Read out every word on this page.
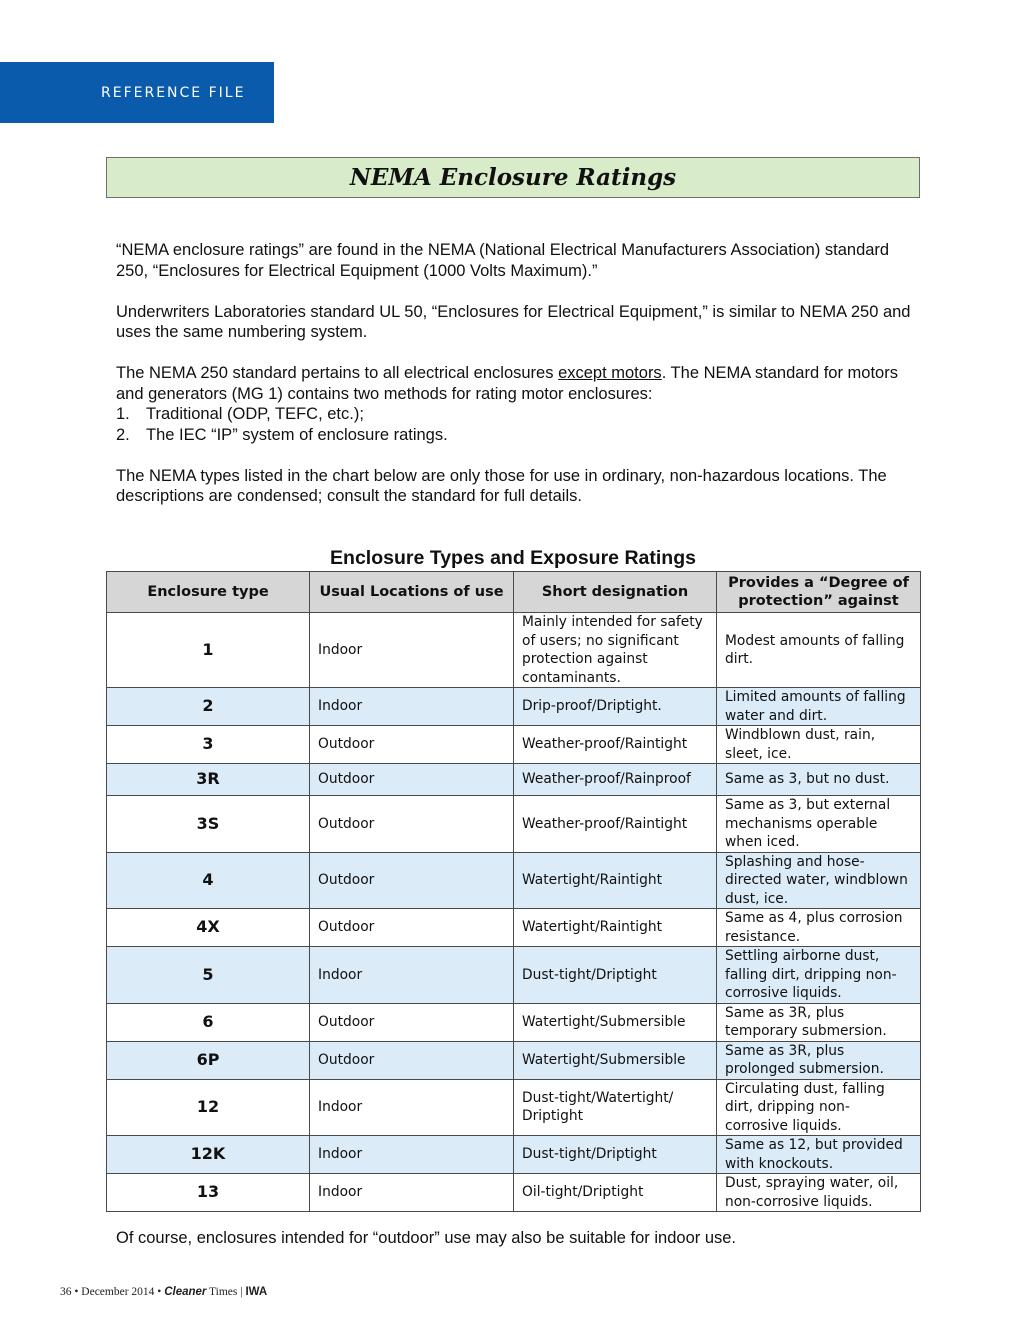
REFERENCE FILE
NEMA Enclosure Ratings

“NEMA enclosure ratings” are found in the NEMA (National Electrical Manufacturers Association) standard 250, “Enclosures for Electrical Equipment (1000 Volts Maximum).”

Underwriters Laboratories standard UL 50, “Enclosures for Electrical Equipment,” is similar to NEMA 250 and uses the same numbering system.

The NEMA 250 standard pertains to all electrical enclosures except motors. The NEMA standard for motors and generators (MG 1) contains two methods for rating motor enclosures:
1. Traditional (ODP, TEFC, etc.);
2. The IEC “IP” system of enclosure ratings.

The NEMA types listed in the chart below are only those for use in ordinary, non-hazardous locations. The descriptions are condensed; consult the standard for full details.

Enclosure Types and Exposure Ratings
Enclosure type	Usual Locations of use	Short designation	Provides a “Degree of protection” against
1	Indoor	Mainly intended for safety of users; no significant protection against contaminants.	Modest amounts of falling dirt.
2	Indoor	Drip-proof/Driptight.	Limited amounts of falling water and dirt.
3	Outdoor	Weather-proof/Raintight	Windblown dust, rain, sleet, ice.
3R	Outdoor	Weather-proof/Rainproof	Same as 3, but no dust.
3S	Outdoor	Weather-proof/Raintight	Same as 3, but external mechanisms operable when iced.
4	Outdoor	Watertight/Raintight	Splashing and hose-directed water, windblown dust, ice.
4X	Outdoor	Watertight/Raintight	Same as 4, plus corrosion resistance.
5	Indoor	Dust-tight/Driptight	Settling airborne dust, falling dirt, dripping non-corrosive liquids.
6	Outdoor	Watertight/Submersible	Same as 3R, plus temporary submersion.
6P	Outdoor	Watertight/Submersible	Same as 3R, plus prolonged submersion.
12	Indoor	Dust-tight/Watertight/ Driptight	Circulating dust, falling dirt, dripping non-corrosive liquids.
12K	Indoor	Dust-tight/Driptight	Same as 12, but provided with knockouts.
13	Indoor	Oil-tight/Driptight	Dust, spraying water, oil, non-corrosive liquids.
Of course, enclosures intended for “outdoor” use may also be suitable for indoor use.
36 • December 2014 • Cleaner Times | IWA
